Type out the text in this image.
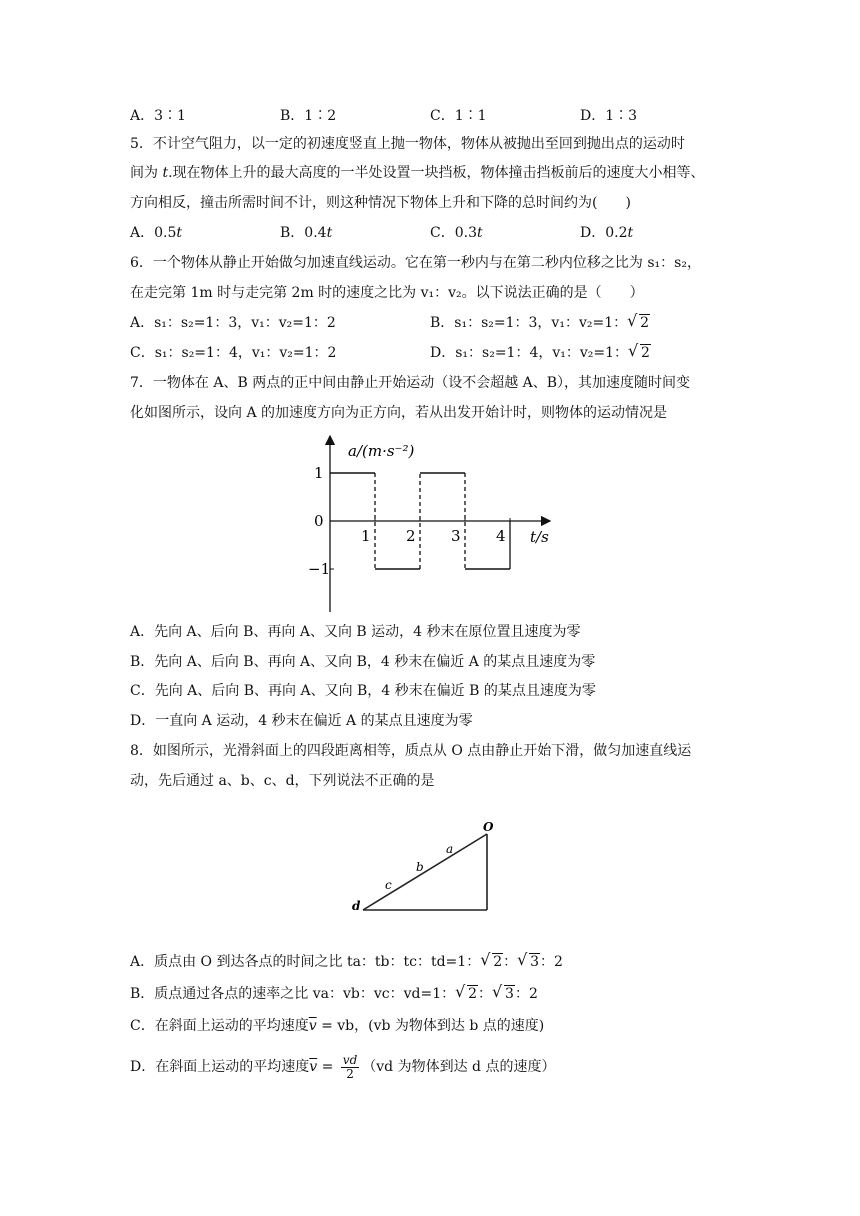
A．3∶1	B．1∶2	C．1∶1	D．1∶3
5．不计空气阻力，以一定的初速度竖直上抛一物体，物体从被抛出至回到抛出点的运动时
间为 t.现在物体上升的最大高度的一半处设置一块挡板，物体撞击挡板前后的速度大小相等、
方向相反，撞击所需时间不计，则这种情况下物体上升和下降的总时间约为(　　)
A．0.5t	B．0.4t	C．0.3t	D．0.2t
6．一个物体从静止开始做匀加速直线运动。它在第一秒内与在第二秒内位移之比为 s₁：s₂，
在走完第 1m 时与走完第 2m 时的速度之比为 v₁：v₂。以下说法正确的是（　　）
A．s₁：s₂=1：3，v₁：v₂=1：2	B．s₁：s₂=1：3，v₁：v₂=1： √ 2
C．s₁：s₂=1：4，v₁：v₂=1：2	D．s₁：s₂=1：4，v₁：v₂=1： √ 2
7．一物体在 A、B 两点的正中间由静止开始运动（设不会超越 A、B），其加速度随时间变
化如图所示，设向 A 的加速度方向为正方向，若从出发开始计时，则物体的运动情况是
a/(m·s⁻²)
t/s
1 2 3 4
1
0
−1
A．先向 A、后向 B、再向 A、又向 B 运动，4 秒末在原位置且速度为零
B．先向 A、后向 B、再向 A、又向 B，4 秒末在偏近 A 的某点且速度为零
C．先向 A、后向 B、再向 A、又向 B，4 秒末在偏近 B 的某点且速度为零
D．一直向 A 运动，4 秒末在偏近 A 的某点且速度为零
8．如图所示，光滑斜面上的四段距离相等，质点从 O 点由静止开始下滑，做匀加速直线运
动，先后通过 a、b、c、d，下列说法不正确的是
O
a
b
c
d
A．质点由 O 到达各点的时间之比 ta：tb：tc：td=1： √ 2： √ 3：2
B．质点通过各点的速率之比 va：vb：vc：vd=1： √ 2： √ 3：2
C．在斜面上运动的平均速度$\overline{v}$ = vb，(vb 为物体到达 b 点的速度)
D．在斜面上运动的平均速度$\overline{v} = \frac{vd}{2} (vd$ 为物体到达 d 点的速度）
